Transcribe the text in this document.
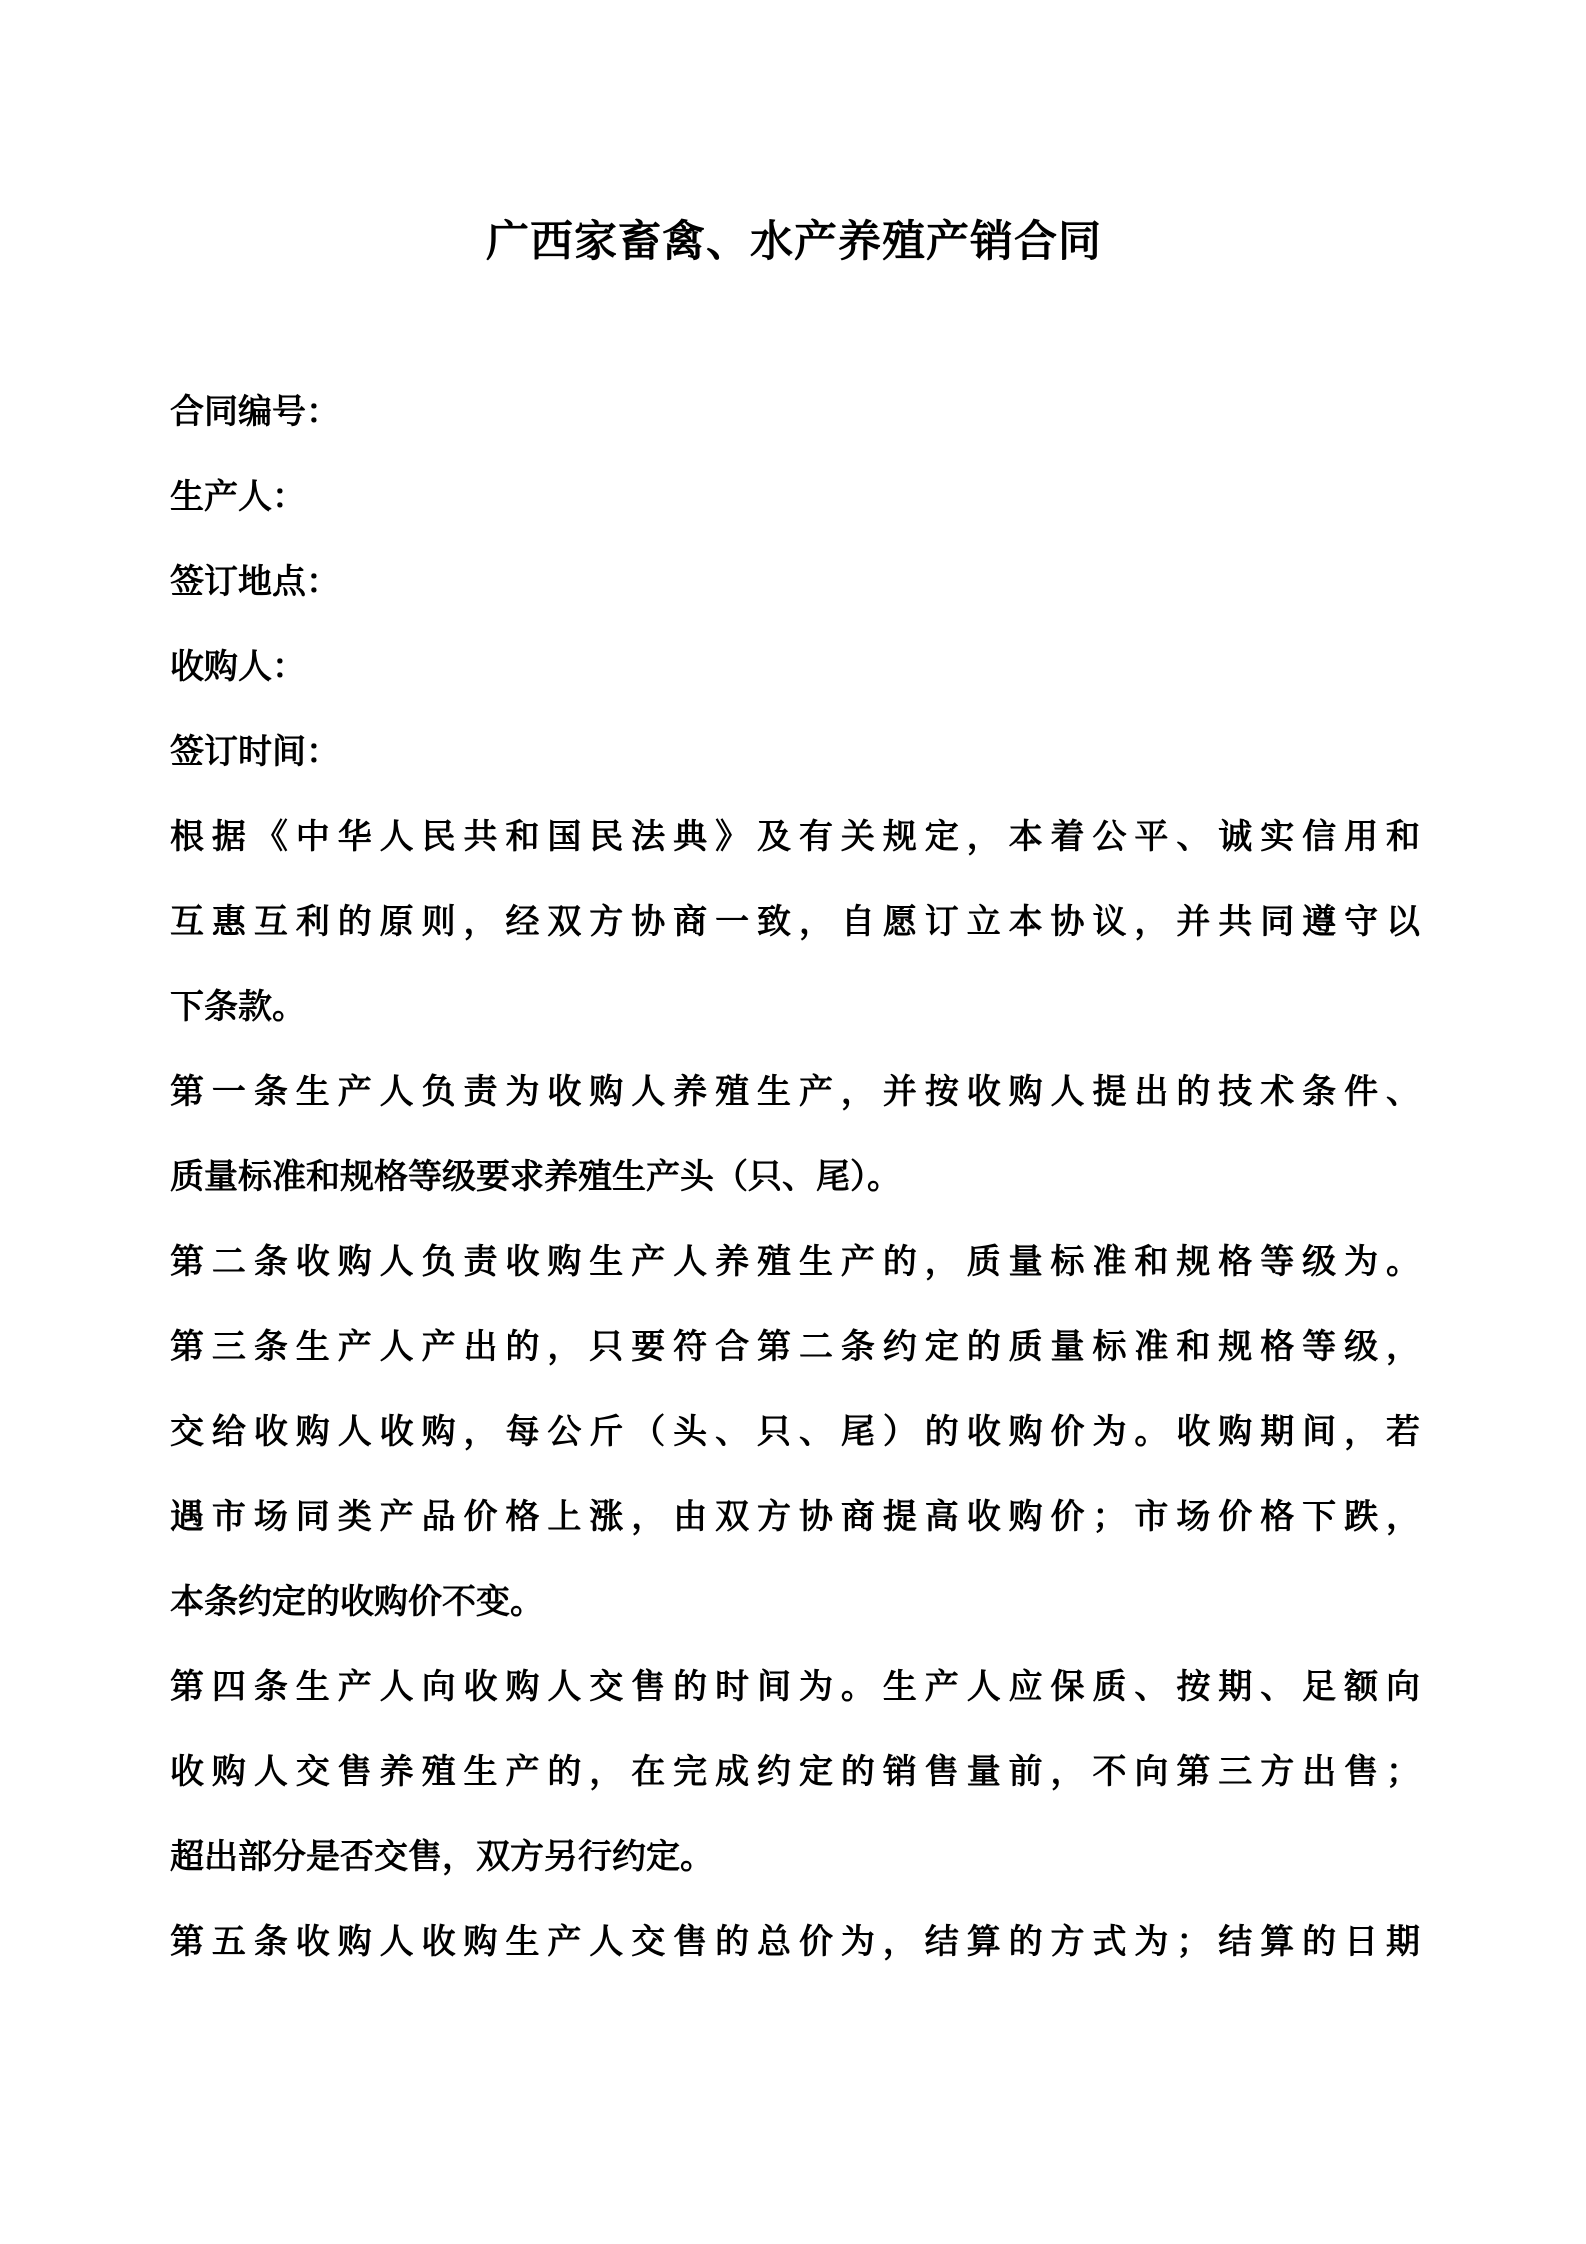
广西家畜禽、水产养殖产销合同
合同编号：
生产人：
签订地点：
收购人：
签订时间：
根据《中华人民共和国民法典》及有关规定，本着公平、诚实信用和
互惠互利的原则，经双方协商一致，自愿订立本协议，并共同遵守以
下条款。
第一条生产人负责为收购人养殖生产，并按收购人提出的技术条件、
质量标准和规格等级要求养殖生产头（只、尾）。
第二条收购人负责收购生产人养殖生产的，质量标准和规格等级为。
第三条生产人产出的，只要符合第二条约定的质量标准和规格等级，
交给收购人收购，每公斤（头、只、尾）的收购价为。收购期间，若
遇市场同类产品价格上涨，由双方协商提高收购价；市场价格下跌，
本条约定的收购价不变。
第四条生产人向收购人交售的时间为。生产人应保质、按期、足额向
收购人交售养殖生产的，在完成约定的销售量前，不向第三方出售；
超出部分是否交售，双方另行约定。
第五条收购人收购生产人交售的总价为，结算的方式为；结算的日期
